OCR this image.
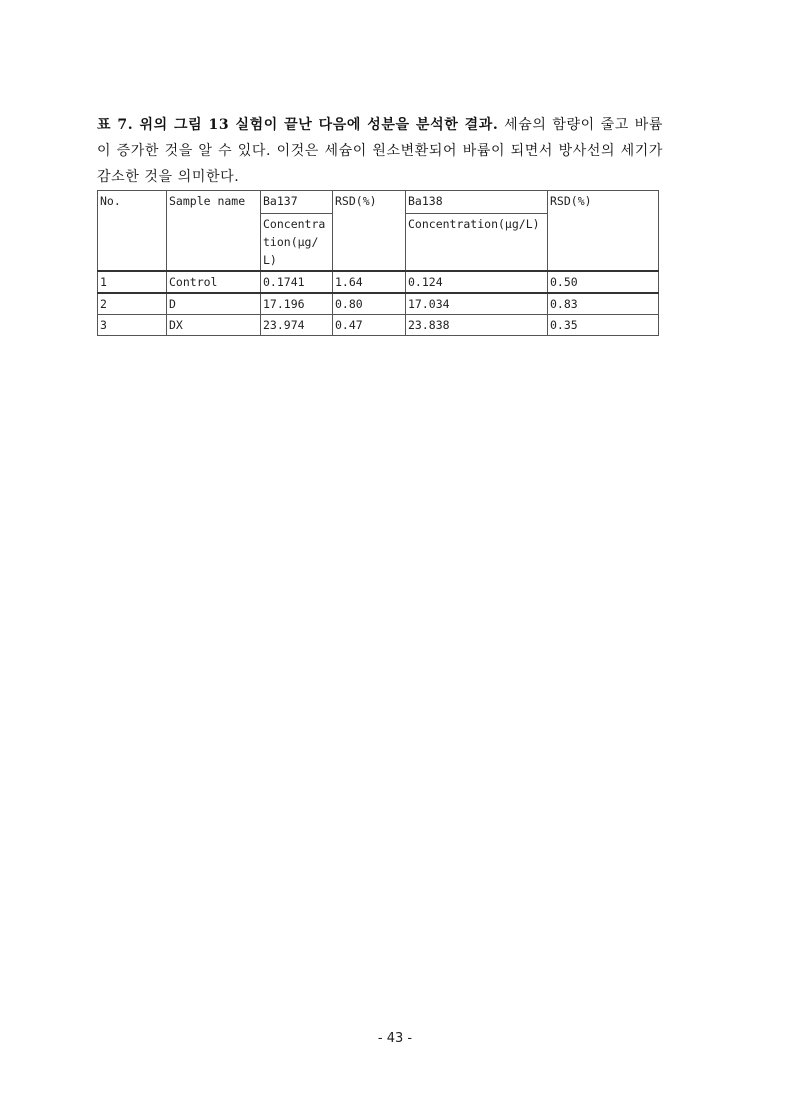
표 7. 위의 그림 13 실험이 끝난 다음에 성분을 분석한 결과. 세슘의 함량이 줄고 바륨이 증가한 것을 알 수 있다. 이것은 세슘이 원소변환되어 바륨이 되면서 방사선의 세기가 감소한 것을 의미한다.
No.	Sample name	Ba137	RSD(%)	Ba138	RSD(%)
		Concentration(μg/L)		Concentration(μg/L)	
1	Control	0.1741	1.64	0.124	0.50
2	D	17.196	0.80	17.034	0.83
3	DX	23.974	0.47	23.838	0.35
- 43 -
